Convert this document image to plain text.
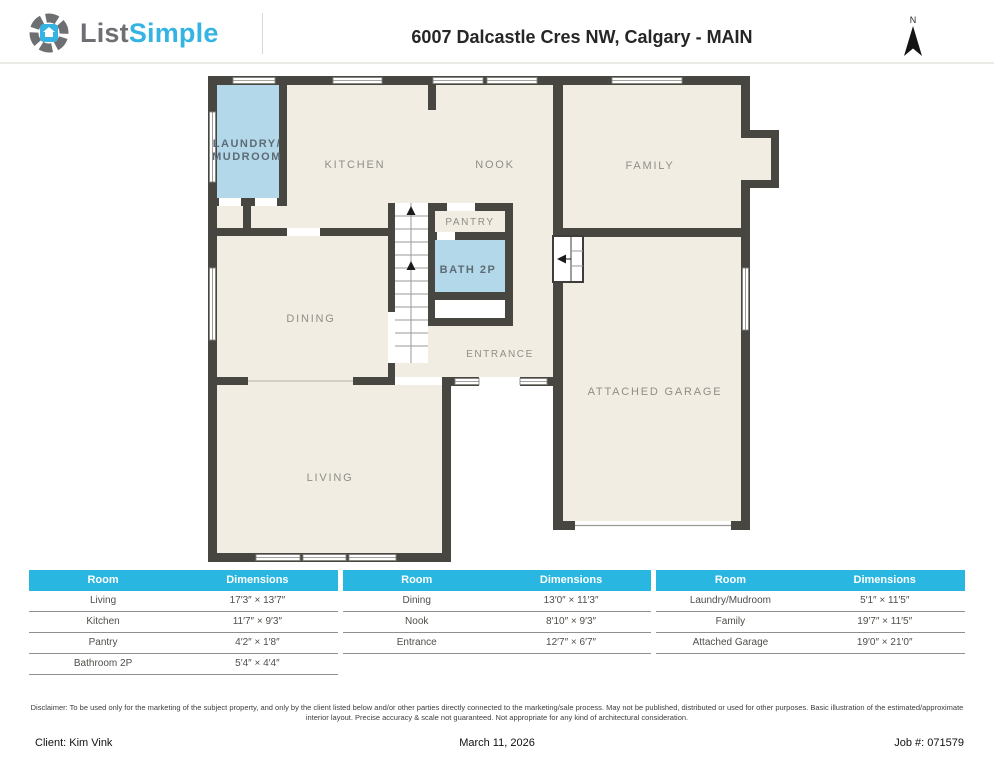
ListSimple	6007 Dalcastle Cres NW, Calgary - MAIN
N
LAUNDRY/
MUDROOM
KITCHEN	NOOK	FAMILY
PANTRY
BATH 2P
DINING
ENTRANCE
LIVING
ATTACHED GARAGE
Room	Dimensions
Living	17′3″ × 13′7″
Kitchen	11′7″ × 9′3″
Pantry	4′2″ × 1′8″
Bathroom 2P	5′4″ × 4′4″
Room	Dimensions
Dining	13′0″ × 11′3″
Nook	8′10″ × 9′3″
Entrance	12′7″ × 6′7″
Room	Dimensions
Laundry/Mudroom	5′1″ × 11′5″
Family	19′7″ × 11′5″
Attached Garage	19′0″ × 21′0″
Disclaimer: To be used only for the marketing of the subject property, and only by the client listed below and/or other parties directly connected to the marketing/sale process. May not be published, distributed or used for other purposes. Basic illustration of the estimated/approximate interior layout. Precise accuracy & scale not guaranteed. Not appropriate for any kind of architectural consideration.
Client: Kim Vink	March 11, 2026	Job #: 071579
